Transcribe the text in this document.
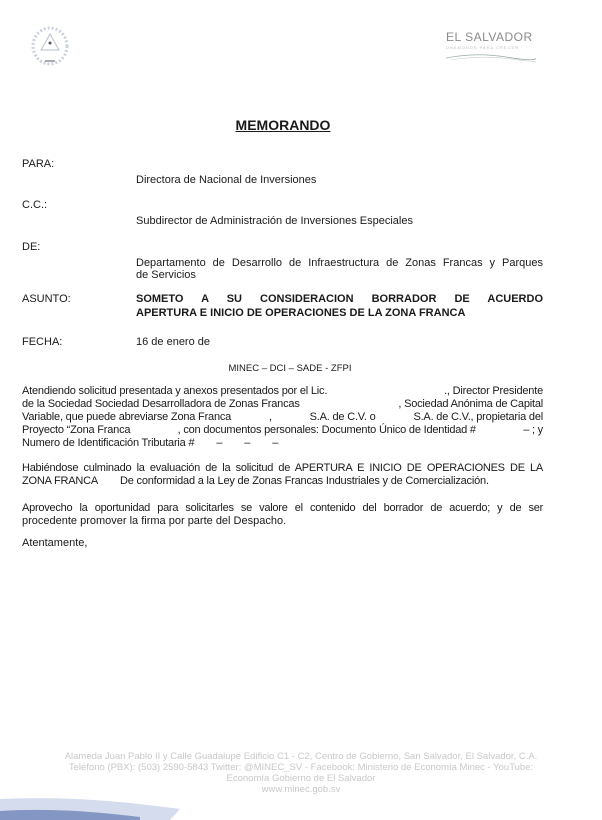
EL SALVADOR
UNÁMONOS PARA CRECER
MEMORANDO
PARA:
Directora de Nacional de Inversiones
C.C.:
Subdirector de Administración de Inversiones Especiales
DE:
Departamento de Desarrollo de Infraestructura de Zonas Francas y Parques
de Servicios
ASUNTO:	SOMETO A SU CONSIDERACION BORRADOR DE ACUERDO
APERTURA E INICIO DE OPERACIONES DE LA ZONA FRANCA
FECHA:	16 de enero de
MINEC – DCI – SADE - ZFPI
Atendiendo solicitud presentada y anexos presentados por el Lic.	., Director Presidente
de la Sociedad Sociedad Desarrolladora de Zonas Francas	, Sociedad Anónima de Capital
Variable, que puede abreviarse Zona Franca	,	S.A. de C.V. o	S.A. de C.V., propietaria del
Proyecto “Zona Franca	, con documentos personales: Documento Único de Identidad #	– ; y
Numero de Identificación Tributaria # – – –
Habiéndose culminado la evaluación de la solicitud de APERTURA E INICIO DE OPERACIONES DE LA
ZONA FRANCA De conformidad a la Ley de Zonas Francas Industriales y de Comercialización.
Aprovecho la oportunidad para solicitarles se valore el contenido del borrador de acuerdo; y de ser
procedente promover la firma por parte del Despacho.
Atentamente,
Alameda Juan Pablo II y Calle Guadalupe Edificio C1 - C2, Centro de Gobierno, San Salvador, El Salvador, C.A.
Teléfono (PBX): (503) 2590-5843 Twitter: @MINEC_SV - Facebook: Ministerio de Economía Minec - YouTube:
Economía Gobierno de El Salvador
www.minec.gob.sv
